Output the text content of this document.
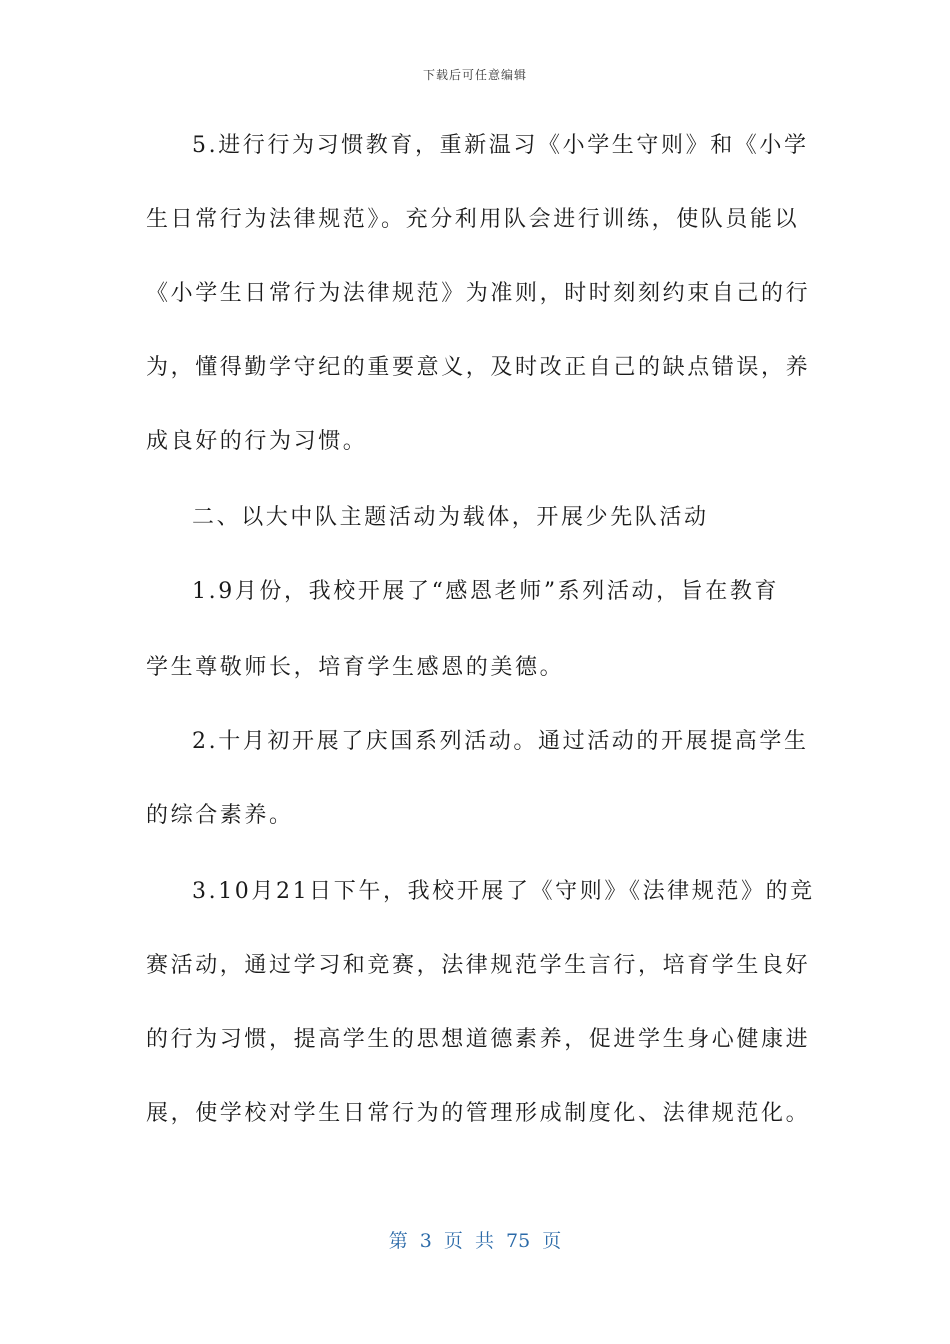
下载后可任意编辑
5.进行行为习惯教育，重新温习《小学生守则》和《小学
生日常行为法律规范》。充分利用队会进行训练，使队员能以
《小学生日常行为法律规范》为准则，时时刻刻约束自己的行
为，懂得勤学守纪的重要意义，及时改正自己的缺点错误，养
成良好的行为习惯。
二、以大中队主题活动为载体，开展少先队活动
1.9月份，我校开展了“感恩老师”系列活动，旨在教育
学生尊敬师长，培育学生感恩的美德。
2.十月初开展了庆国系列活动。通过活动的开展提高学生
的综合素养。
3.10月21日下午，我校开展了《守则》《法律规范》的竞
赛活动，通过学习和竞赛，法律规范学生言行，培育学生良好
的行为习惯，提高学生的思想道德素养，促进学生身心健康进
展，使学校对学生日常行为的管理形成制度化、法律规范化。
第 3 页 共 75 页
